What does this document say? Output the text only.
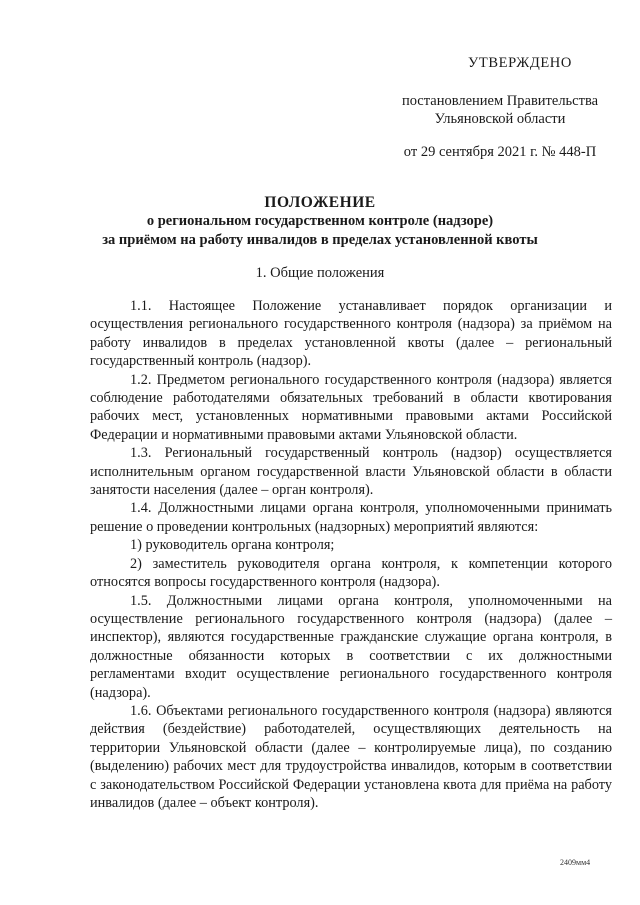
УТВЕРЖДЕНО
постановлением Правительства
Ульяновской области
от 29 сентября 2021 г. № 448-П
ПОЛОЖЕНИЕ
о региональном государственном контроле (надзоре)
за приёмом на работу инвалидов в пределах установленной квоты
1. Общие положения

1.1. Настоящее Положение устанавливает порядок организации и осуществления регионального государственного контроля (надзора) за приёмом на работу инвалидов в пределах установленной квоты (далее – региональный государственный контроль (надзор).

1.2. Предметом регионального государственного контроля (надзора) является соблюдение работодателями обязательных требований в области квотирования рабочих мест, установленных нормативными правовыми актами Российской Федерации и нормативными правовыми актами Ульяновской области.

1.3. Региональный государственный контроль (надзор) осуществляется исполнительным органом государственной власти Ульяновской области в области занятости населения (далее – орган контроля).

1.4. Должностными лицами органа контроля, уполномоченными принимать решение о проведении контрольных (надзорных) мероприятий являются:

1) руководитель органа контроля;

2) заместитель руководителя органа контроля, к компетенции которого относятся вопросы государственного контроля (надзора).

1.5. Должностными лицами органа контроля, уполномоченными на осуществление регионального государственного контроля (надзора) (далее – инспектор), являются государственные гражданские служащие органа контроля, в должностные обязанности которых в соответствии с их должностными регламентами входит осуществление регионального государственного контроля (надзора).

1.6. Объектами регионального государственного контроля (надзора) являются действия (бездействие) работодателей, осуществляющих деятельность на территории Ульяновской области (далее – контролируемые лица), по созданию (выделению) рабочих мест для трудоустройства инвалидов, которым в соответствии с законодательством Российской Федерации установлена квота для приёма на работу инвалидов (далее – объект контроля).

2409мм4
